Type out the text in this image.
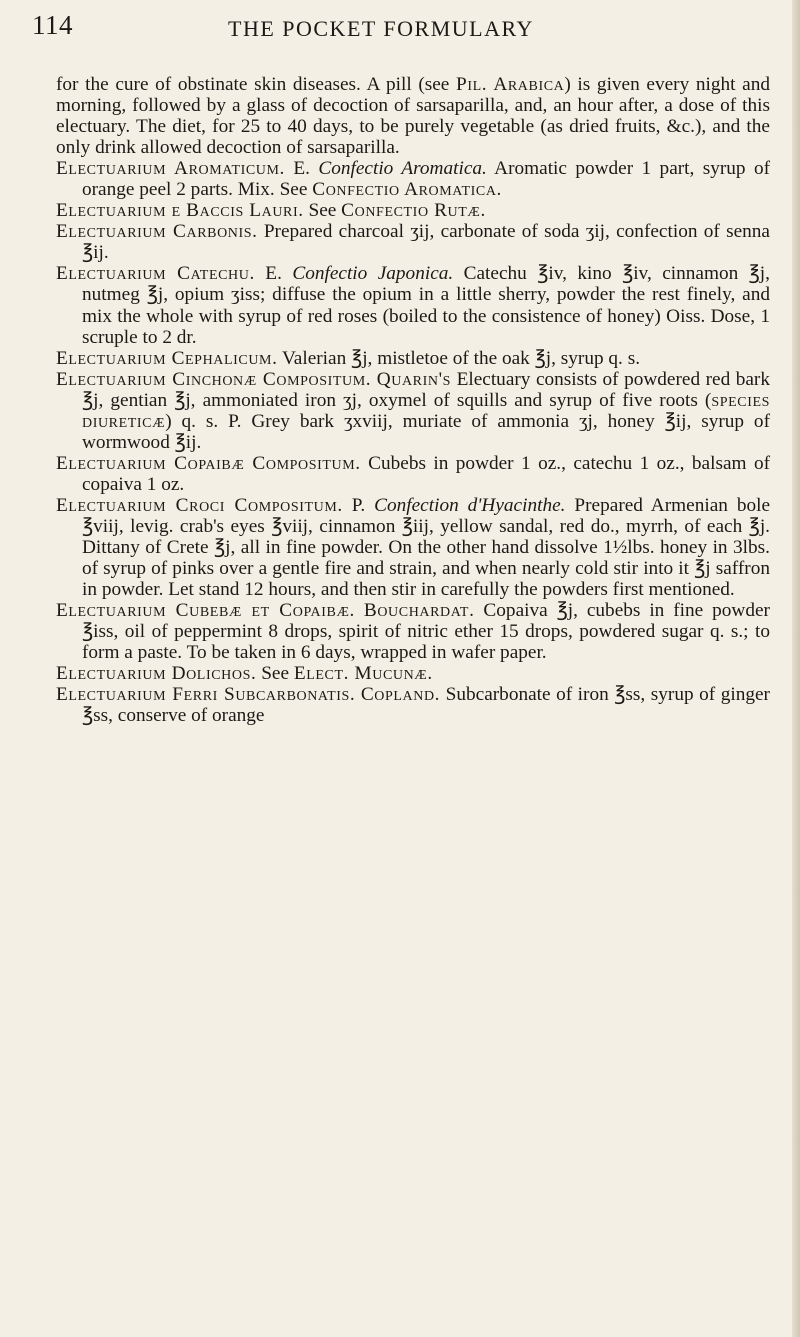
114	THE POCKET FORMULARY

for the cure of obstinate skin diseases. A pill (see Pil. Arabica) is given every night and morning, followed by a glass of decoction of sarsaparilla, and, an hour after, a dose of this electuary. The diet, for 25 to 40 days, to be purely vegetable (as dried fruits, &c.), and the only drink allowed decoction of sarsaparilla.

Electuarium Aromaticum. E. Confectio Aromatica. Aromatic powder 1 part, syrup of orange peel 2 parts. Mix. See Confectio Aromatica.

Electuarium e Baccis Lauri. See Confectio Rutæ.

Electuarium Carbonis. Prepared charcoal ʒij, carbonate of soda ʒij, confection of senna ℥ij.

Electuarium Catechu. E. Confectio Japonica. Catechu ℥iv, kino ℥iv, cinnamon ℥j, nutmeg ℥j, opium ʒiss; diffuse the opium in a little sherry, powder the rest finely, and mix the whole with syrup of red roses (boiled to the consistence of honey) Oiss. Dose, 1 scruple to 2 dr.

Electuarium Cephalicum. Valerian ℥j, mistletoe of the oak ℥j, syrup q. s.

Electuarium Cinchonæ Compositum. Quarin's Electuary consists of powdered red bark ℥j, gentian ℥j, ammoniated iron ʒj, oxymel of squills and syrup of five roots (species diureticæ) q. s. P. Grey bark ʒxviij, muriate of ammonia ʒj, honey ℥ij, syrup of wormwood ℥ij.

Electuarium Copaibæ Compositum. Cubebs in powder 1 oz., catechu 1 oz., balsam of copaiva 1 oz.

Electuarium Croci Compositum. P. Confection d'Hyacinthe. Prepared Armenian bole ℥viij, levig. crab's eyes ℥viij, cinnamon ℥iij, yellow sandal, red do., myrrh, of each ℥j. Dittany of Crete ℥j, all in fine powder. On the other hand dissolve 1½lbs. honey in 3lbs. of syrup of pinks over a gentle fire and strain, and when nearly cold stir into it ℥j saffron in powder. Let stand 12 hours, and then stir in carefully the powders first mentioned.

Electuarium Cubebæ et Copaibæ. Bouchardat. Copaiva ℥j, cubebs in fine powder ℥iss, oil of peppermint 8 drops, spirit of nitric ether 15 drops, powdered sugar q. s.; to form a paste. To be taken in 6 days, wrapped in wafer paper.

Electuarium Dolichos. See Elect. Mucunæ.

Electuarium Ferri Subcarbonatis. Copland. Subcarbonate of iron ℥ss, syrup of ginger ℥ss, conserve of orange
